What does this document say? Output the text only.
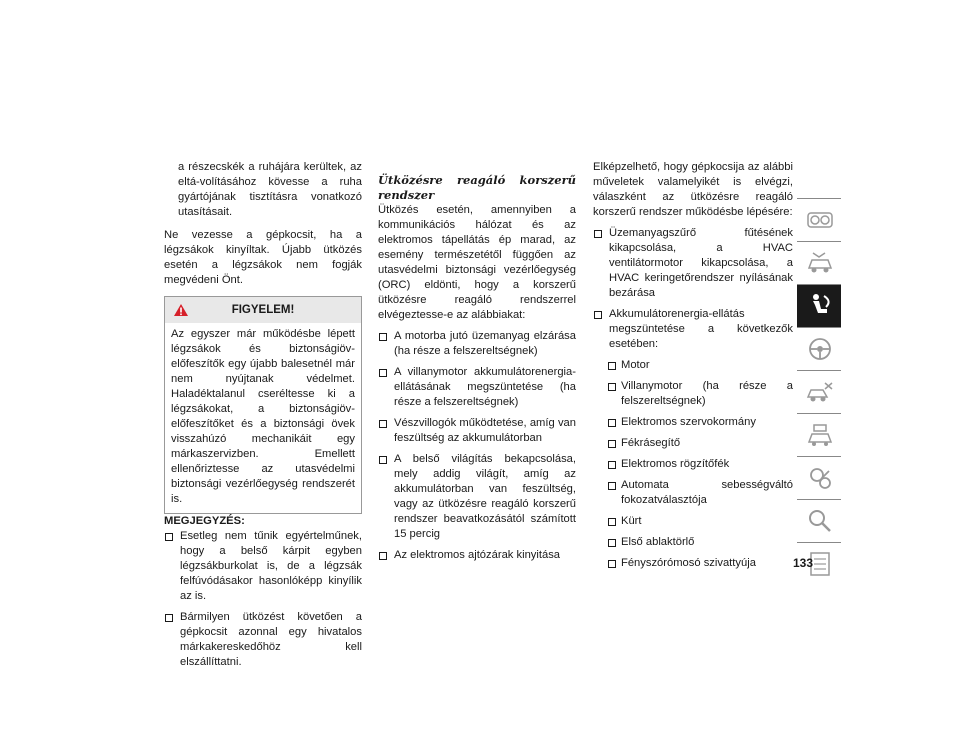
a részecskék a ruhájára kerültek, az eltá-volításához kövesse a ruha gyártójának tisztításra vonatkozó utasításait.

Ne vezesse a gépkocsit, ha a légzsákok kinyíltak. Újabb ütközés esetén a légzsákok nem fogják megvédeni Önt.

FIGYELEM!

Az egyszer már működésbe lépett légzsákok és biztonságiöv-előfeszítők egy újabb balesetnél már nem nyújtanak védelmet. Haladéktalanul cseréltesse ki a légzsákokat, a biztonságiöv-előfeszítőket és a biztonsági övek visszahúzó mechanikáit egy márkaszervizben. Emellett ellenőriztesse az utasvédelmi biztonsági vezérlőegység rendszerét is.

MEGJEGYZÉS:

Esetleg nem tűnik egyértelműnek, hogy a belső kárpit egyben légzsákburkolat is, de a légzsák felfúvódásakor hasonlóképp kinyílik az is.

Bármilyen ütközést követően a gépkocsit azonnal egy hivatalos márkakereskedőhöz kell elszállíttatni.

Ütközésre reagáló korszerű rendszer

Ütközés esetén, amennyiben a kommunikációs hálózat és az elektromos tápellátás ép marad, az esemény természetétől függően az utasvédelmi biztonsági vezérlőegység (ORC) eldönti, hogy a korszerű ütközésre reagáló rendszerrel elvégeztesse-e az alábbiakat:

A motorba jutó üzemanyag elzárása (ha része a felszereltségnek)

A villanymotor akkumulátorenergia-ellátásának megszüntetése (ha része a felszereltségnek)

Vészvillogók működtetése, amíg van feszültség az akkumulátorban

A belső világítás bekapcsolása, mely addig világít, amíg az akkumulátorban van feszültség, vagy az ütközésre reagáló korszerű rendszer beavatkozásától számított 15 percig

Az elektromos ajtózárak kinyitása

Elképzelhető, hogy gépkocsija az alábbi műveletek valamelyikét is elvégzi, válaszként az ütközésre reagáló korszerű rendszer működésbe lépésére:

Üzemanyagszűrő fűtésének kikapcsolása, a HVAC ventilátormotor kikapcsolása, a HVAC keringetőrendszer nyílásának bezárása

Akkumulátorenergia-ellátás megszüntetése a következők esetében:

Motor

Villanymotor (ha része a felszereltségnek)

Elektromos szervokormány

Fékrásegítő

Elektromos rögzítőfék

Automata sebességváltó fokozatválasztója

Kürt

Első ablaktörlő

Fényszórómosó szivattyúja	133
